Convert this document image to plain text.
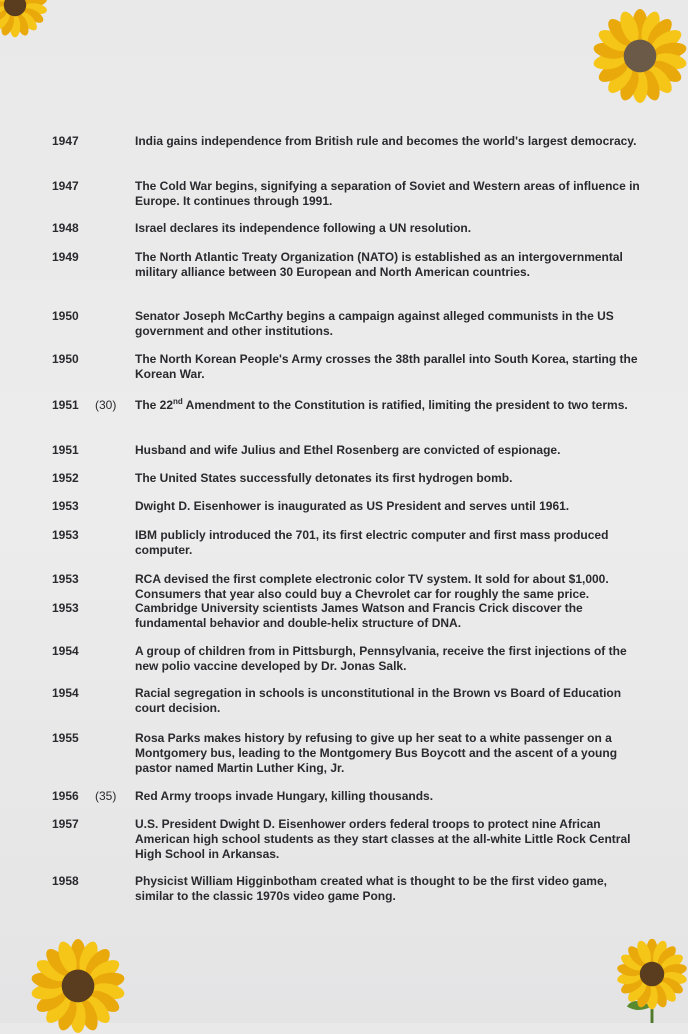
1947	India gains independence from British rule and becomes the world's largest democracy.
1947	The Cold War begins, signifying a separation of Soviet and Western areas of influence in Europe. It continues through 1991.
1948	Israel declares its independence following a UN resolution.
1949	The North Atlantic Treaty Organization (NATO) is established as an intergovernmental military alliance between 30 European and North American countries.
1950	Senator Joseph McCarthy begins a campaign against alleged communists in the US government and other institutions.
1950	The North Korean People's Army crosses the 38th parallel into South Korea, starting the Korean War.
1951 (30) The 22nd Amendment to the Constitution is ratified, limiting the president to two terms.
1951	Husband and wife Julius and Ethel Rosenberg are convicted of espionage.
1952	The United States successfully detonates its first hydrogen bomb.
1953	Dwight D. Eisenhower is inaugurated as US President and serves until 1961.
1953	IBM publicly introduced the 701, its first electric computer and first mass produced computer.
1953	RCA devised the first complete electronic color TV system. It sold for about $1,000. Consumers that year also could buy a Chevrolet car for roughly the same price.
1953	Cambridge University scientists James Watson and Francis Crick discover the fundamental behavior and double-helix structure of DNA.
1954	A group of children from in Pittsburgh, Pennsylvania, receive the first injections of the new polio vaccine developed by Dr. Jonas Salk.
1954	Racial segregation in schools is unconstitutional in the Brown vs Board of Education court decision.
1955	Rosa Parks makes history by refusing to give up her seat to a white passenger on a Montgomery bus, leading to the Montgomery Bus Boycott and the ascent of a young pastor named Martin Luther King, Jr.
1956 (35) Red Army troops invade Hungary, killing thousands.
1957	U.S. President Dwight D. Eisenhower orders federal troops to protect nine African American high school students as they start classes at the all-white Little Rock Central High School in Arkansas.
1958	Physicist William Higginbotham created what is thought to be the first video game, similar to the classic 1970s video game Pong.
